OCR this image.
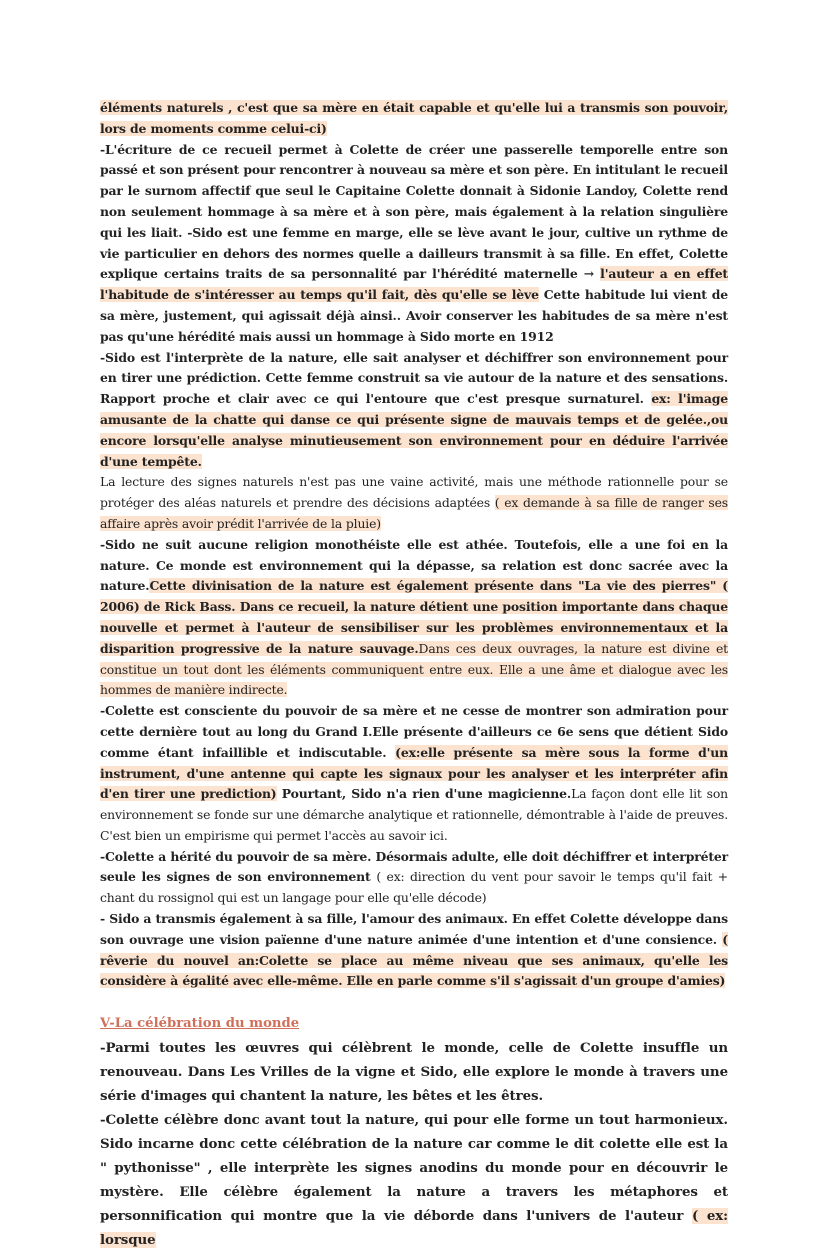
éléments naturels , c'est que sa mère en était capable et qu'elle lui a transmis son pouvoir, lors de moments comme celui-ci)

-L'écriture de ce recueil permet à Colette de créer une passerelle temporelle entre son passé et son présent pour rencontrer à nouveau sa mère et son père. En intitulant le recueil par le surnom affectif que seul le Capitaine Colette donnait à Sidonie Landoy, Colette rend non seulement hommage à sa mère et à son père, mais également à la relation singulière qui les liait. -Sido est une femme en marge, elle se lève avant le jour, cultive un rythme de vie particulier en dehors des normes quelle a dailleurs transmit à sa fille. En effet, Colette explique certains traits de sa personnalité par l'hérédité maternelle → l'auteur a en effet l'habitude de s'intéresser au temps qu'il fait, dès qu'elle se lève Cette habitude lui vient de sa mère, justement, qui agissait déjà ainsi.. Avoir conserver les habitudes de sa mère n'est pas qu'une hérédité mais aussi un hommage à Sido morte en 1912

-Sido est l'interprète de la nature, elle sait analyser et déchiffrer son environnement pour en tirer une prédiction. Cette femme construit sa vie autour de la nature et des sensations. Rapport proche et clair avec ce qui l'entoure que c'est presque surnaturel. ex: l'image amusante de la chatte qui danse ce qui présente signe de mauvais temps et de gelée.,ou encore lorsqu'elle analyse minutieusement son environnement pour en déduire l'arrivée d'une tempête.

La lecture des signes naturels n'est pas une vaine activité, mais une méthode rationnelle pour se protéger des aléas naturels et prendre des décisions adaptées ( ex demande à sa fille de ranger ses affaire après avoir prédit l'arrivée de la pluie)

-Sido ne suit aucune religion monothéiste elle est athée. Toutefois, elle a une foi en la nature. Ce monde est environnement qui la dépasse, sa relation est donc sacrée avec la nature.Cette divinisation de la nature est également présente dans "La vie des pierres" ( 2006) de Rick Bass. Dans ce recueil, la nature détient une position importante dans chaque nouvelle et permet à l'auteur de sensibiliser sur les problèmes environnementaux et la disparition progressive de la nature sauvage.Dans ces deux ouvrages, la nature est divine et constitue un tout dont les éléments communiquent entre eux. Elle a une âme et dialogue avec les hommes de manière indirecte.

-Colette est consciente du pouvoir de sa mère et ne cesse de montrer son admiration pour cette dernière tout au long du Grand I.Elle présente d'ailleurs ce 6e sens que détient Sido comme étant infaillible et indiscutable. (ex:elle présente sa mère sous la forme d'un instrument, d'une antenne qui capte les signaux pour les analyser et les interpréter afin d'en tirer une prediction) Pourtant, Sido n'a rien d'une magicienne.La façon dont elle lit son environnement se fonde sur une démarche analytique et rationnelle, démontrable à l'aide de preuves. C'est bien un empirisme qui permet l'accès au savoir ici.

-Colette a hérité du pouvoir de sa mère. Désormais adulte, elle doit déchiffrer et interpréter seule les signes de son environnement ( ex: direction du vent pour savoir le temps qu'il fait + chant du rossignol qui est un langage pour elle qu'elle décode)

- Sido a transmis également à sa fille, l'amour des animaux. En effet Colette développe dans son ouvrage une vision païenne d'une nature animée d'une intention et d'une consience. ( rêverie du nouvel an:Colette se place au même niveau que ses animaux, qu'elle les considère à égalité avec elle-même. Elle en parle comme s'il s'agissait d'un groupe d'amies)

V-La célébration du monde

-Parmi toutes les œuvres qui célèbrent le monde, celle de Colette insuffle un renouveau. Dans Les Vrilles de la vigne et Sido, elle explore le monde à travers une série d'images qui chantent la nature, les bêtes et les êtres.

-Colette célèbre donc avant tout la nature, qui pour elle forme un tout harmonieux. Sido incarne donc cette célébration de la nature car comme le dit colette elle est la " pythonisse" , elle interprète les signes anodins du monde pour en découvrir le mystère. Elle célèbre également la nature a travers les métaphores et personnification qui montre que la vie déborde dans l'univers de l'auteur ( ex: lorsque
